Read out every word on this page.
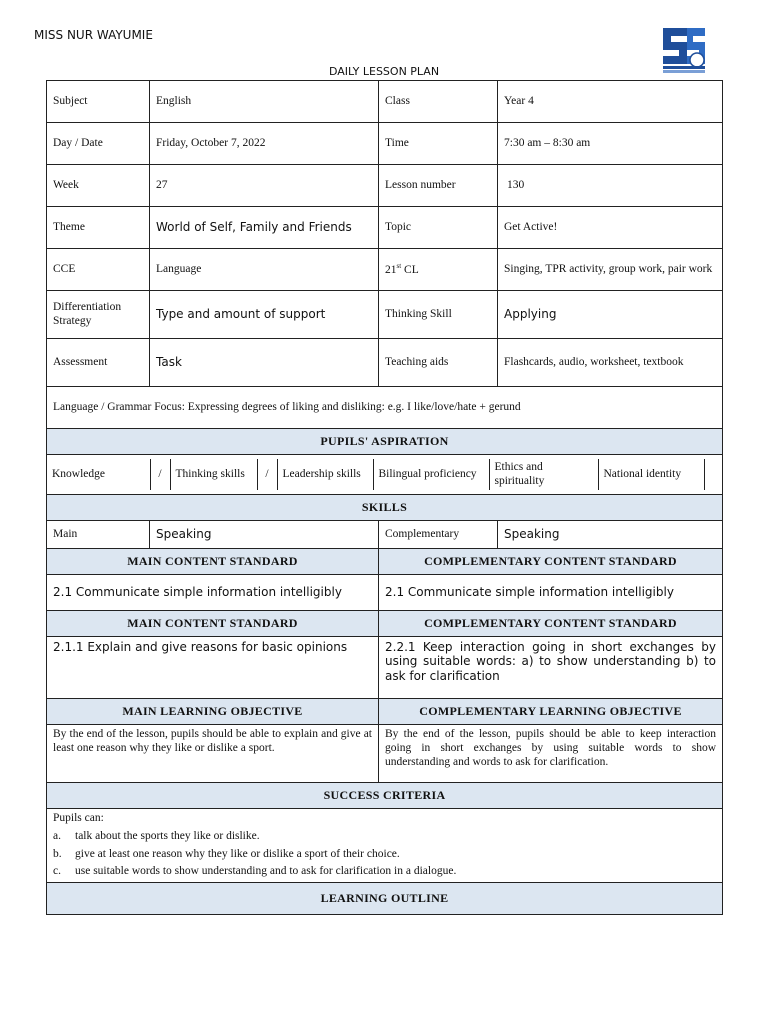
MISS NUR WAYUMIE
DAILY LESSON PLAN
Subject	English	Class	Year 4
Day / Date	Friday, October 7, 2022	Time	7:30 am – 8:30 am
Week	27	Lesson number	130
Theme	World of Self, Family and Friends	Topic	Get Active!
CCE	Language	21st CL	Singing, TPR activity, group work, pair work
Differentiation Strategy	Type and amount of support	Thinking Skill	Applying
Assessment	Task	Teaching aids	Flashcards, audio, worksheet, textbook
Language / Grammar Focus: Expressing degrees of liking and disliking: e.g. I like/love/hate + gerund
PUPILS' ASPIRATION

Knowledge	/	Thinking skills	/	Leadership skills	Bilingual proficiency	Ethics and spirituality	National identity	

SKILLS
Main	Speaking	Complementary	Speaking
MAIN CONTENT STANDARD	COMPLEMENTARY CONTENT STANDARD
2.1 Communicate simple information intelligibly	2.1 Communicate simple information intelligibly
MAIN CONTENT STANDARD	COMPLEMENTARY CONTENT STANDARD
2.1.1 Explain and give reasons for basic opinions	2.2.1 Keep interaction going in short exchanges by using suitable words: a) to show understanding b) to ask for clarification
MAIN LEARNING OBJECTIVE	COMPLEMENTARY LEARNING OBJECTIVE
By the end of the lesson, pupils should be able to explain and give at least one reason why they like or dislike a sport.	By the end of the lesson, pupils should be able to keep interaction going in short exchanges by using suitable words to show understanding and words to ask for clarification.
SUCCESS CRITERIA

Pupils can:
a. talk about the sports they like or dislike.
b. give at least one reason why they like or dislike a sport of their choice.
c. use suitable words to show understanding and to ask for clarification in a dialogue.

LEARNING OUTLINE
